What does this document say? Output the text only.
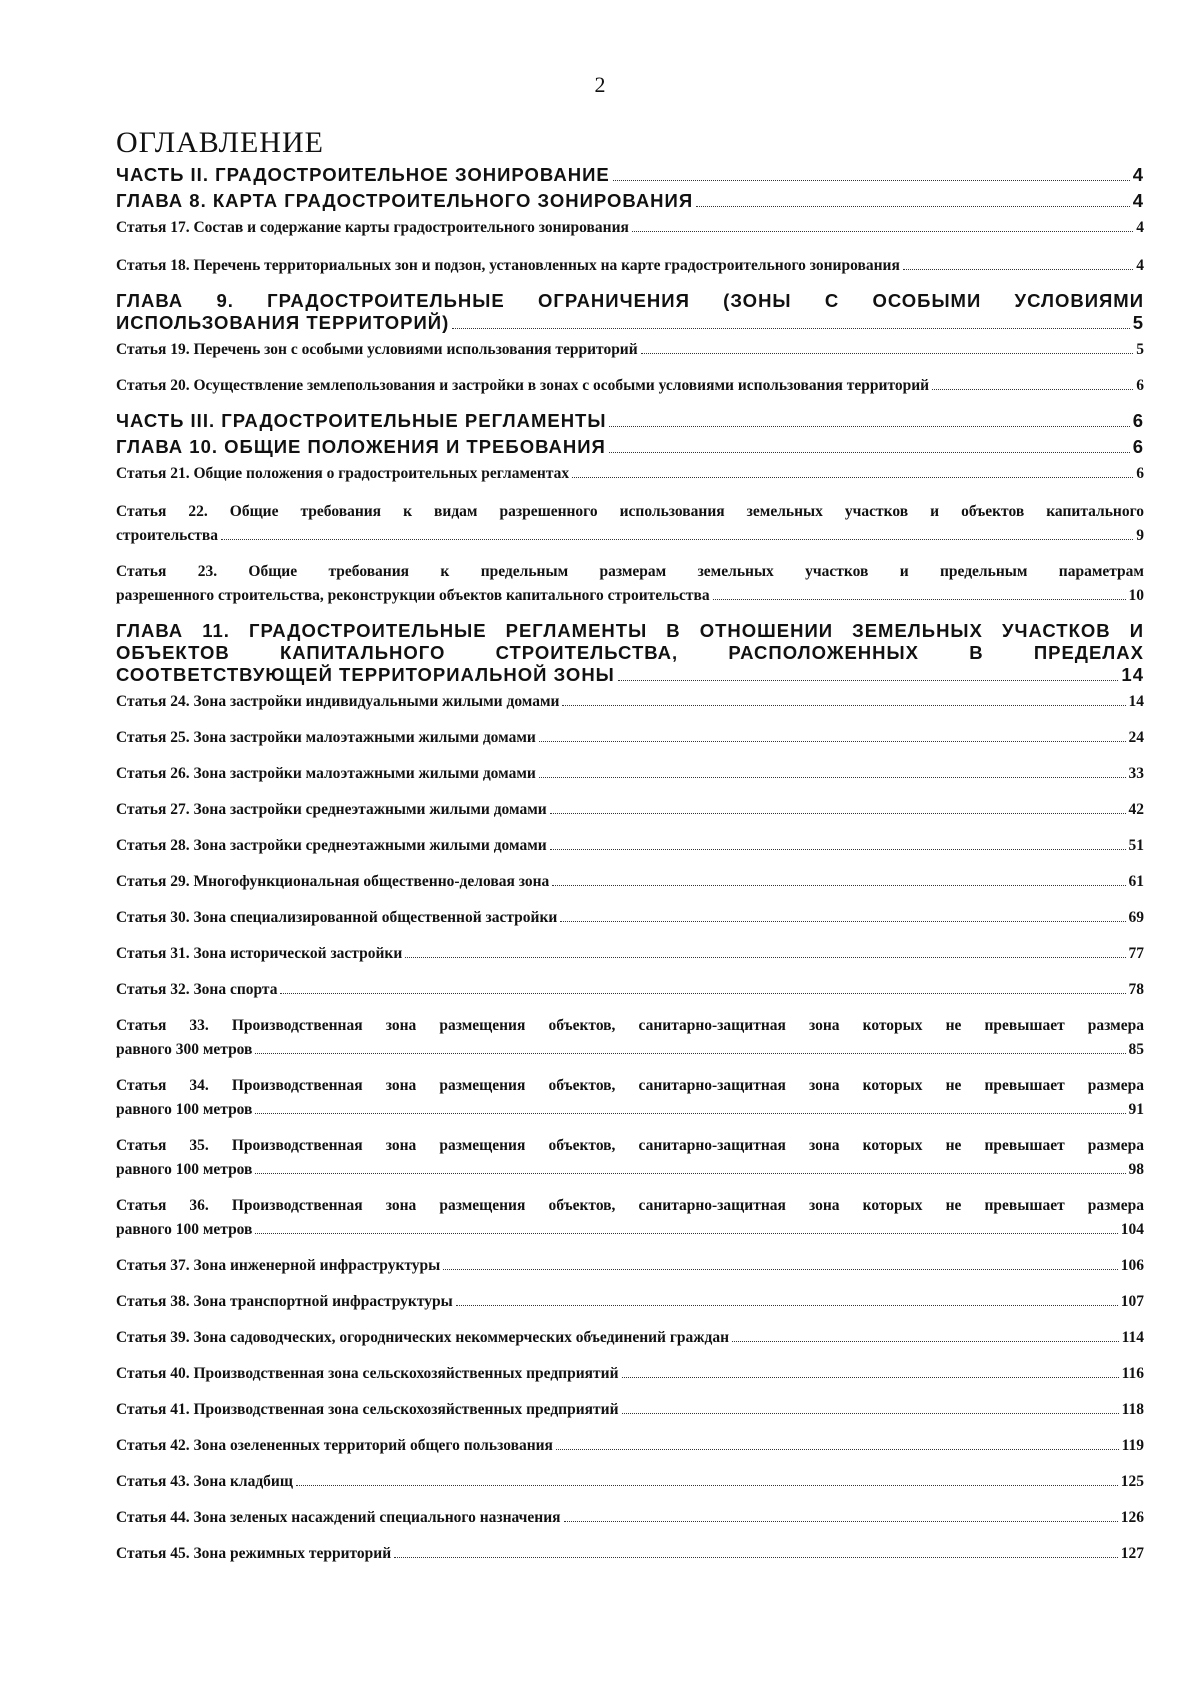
2
ОГЛАВЛЕНИЕ
ЧАСТЬ II. ГРАДОСТРОИТЕЛЬНОЕ ЗОНИРОВАНИЕ	4
ГЛАВА 8. КАРТА ГРАДОСТРОИТЕЛЬНОГО ЗОНИРОВАНИЯ	4
Статья 17. Состав и содержание карты градостроительного зонирования	4
Статья 18. Перечень территориальных зон и подзон, установленных на карте градостроительного зонирования	4
ГЛАВА 9. ГРАДОСТРОИТЕЛЬНЫЕ ОГРАНИЧЕНИЯ (ЗОНЫ С ОСОБЫМИ УСЛОВИЯМИ
ИСПОЛЬЗОВАНИЯ ТЕРРИТОРИЙ)	5
Статья 19. Перечень зон с особыми условиями использования территорий	5
Статья 20. Осуществление землепользования и застройки в зонах с особыми условиями использования территорий	6
ЧАСТЬ III. ГРАДОСТРОИТЕЛЬНЫЕ РЕГЛАМЕНТЫ	6
ГЛАВА 10. ОБЩИЕ ПОЛОЖЕНИЯ И ТРЕБОВАНИЯ	6
Статья 21. Общие положения о градостроительных регламентах	6
Статья 22. Общие требования к видам разрешенного использования земельных участков и объектов капитального
строительства	9
Статья 23. Общие требования к предельным размерам земельных участков и предельным параметрам
разрешенного строительства, реконструкции объектов капитального строительства	10
ГЛАВА 11. ГРАДОСТРОИТЕЛЬНЫЕ РЕГЛАМЕНТЫ В ОТНОШЕНИИ ЗЕМЕЛЬНЫХ УЧАСТКОВ И
ОБЪЕКТОВ КАПИТАЛЬНОГО СТРОИТЕЛЬСТВА, РАСПОЛОЖЕННЫХ В ПРЕДЕЛАХ
СООТВЕТСТВУЮЩЕЙ ТЕРРИТОРИАЛЬНОЙ ЗОНЫ	14
Статья 24. Зона застройки индивидуальными жилыми домами	14
Статья 25. Зона застройки малоэтажными жилыми домами	24
Статья 26. Зона застройки малоэтажными жилыми домами	33
Статья 27. Зона застройки среднеэтажными жилыми домами	42
Статья 28. Зона застройки среднеэтажными жилыми домами	51
Статья 29. Многофункциональная общественно-деловая зона	61
Статья 30. Зона специализированной общественной застройки	69
Статья 31. Зона исторической застройки	77
Статья 32. Зона спорта	78
Статья 33. Производственная зона размещения объектов, санитарно-защитная зона которых не превышает размера
равного 300 метров	85
Статья 34. Производственная зона размещения объектов, санитарно-защитная зона которых не превышает размера
равного 100 метров	91
Статья 35. Производственная зона размещения объектов, санитарно-защитная зона которых не превышает размера
равного 100 метров	98
Статья 36. Производственная зона размещения объектов, санитарно-защитная зона которых не превышает размера
равного 100 метров	104
Статья 37. Зона инженерной инфраструктуры	106
Статья 38. Зона транспортной инфраструктуры	107
Статья 39. Зона садоводческих, огороднических некоммерческих объединений граждан	114
Статья 40. Производственная зона сельскохозяйственных предприятий	116
Статья 41. Производственная зона сельскохозяйственных предприятий	118
Статья 42. Зона озелененных территорий общего пользования	119
Статья 43. Зона кладбищ	125
Статья 44. Зона зеленых насаждений специального назначения	126
Статья 45. Зона режимных территорий	127
